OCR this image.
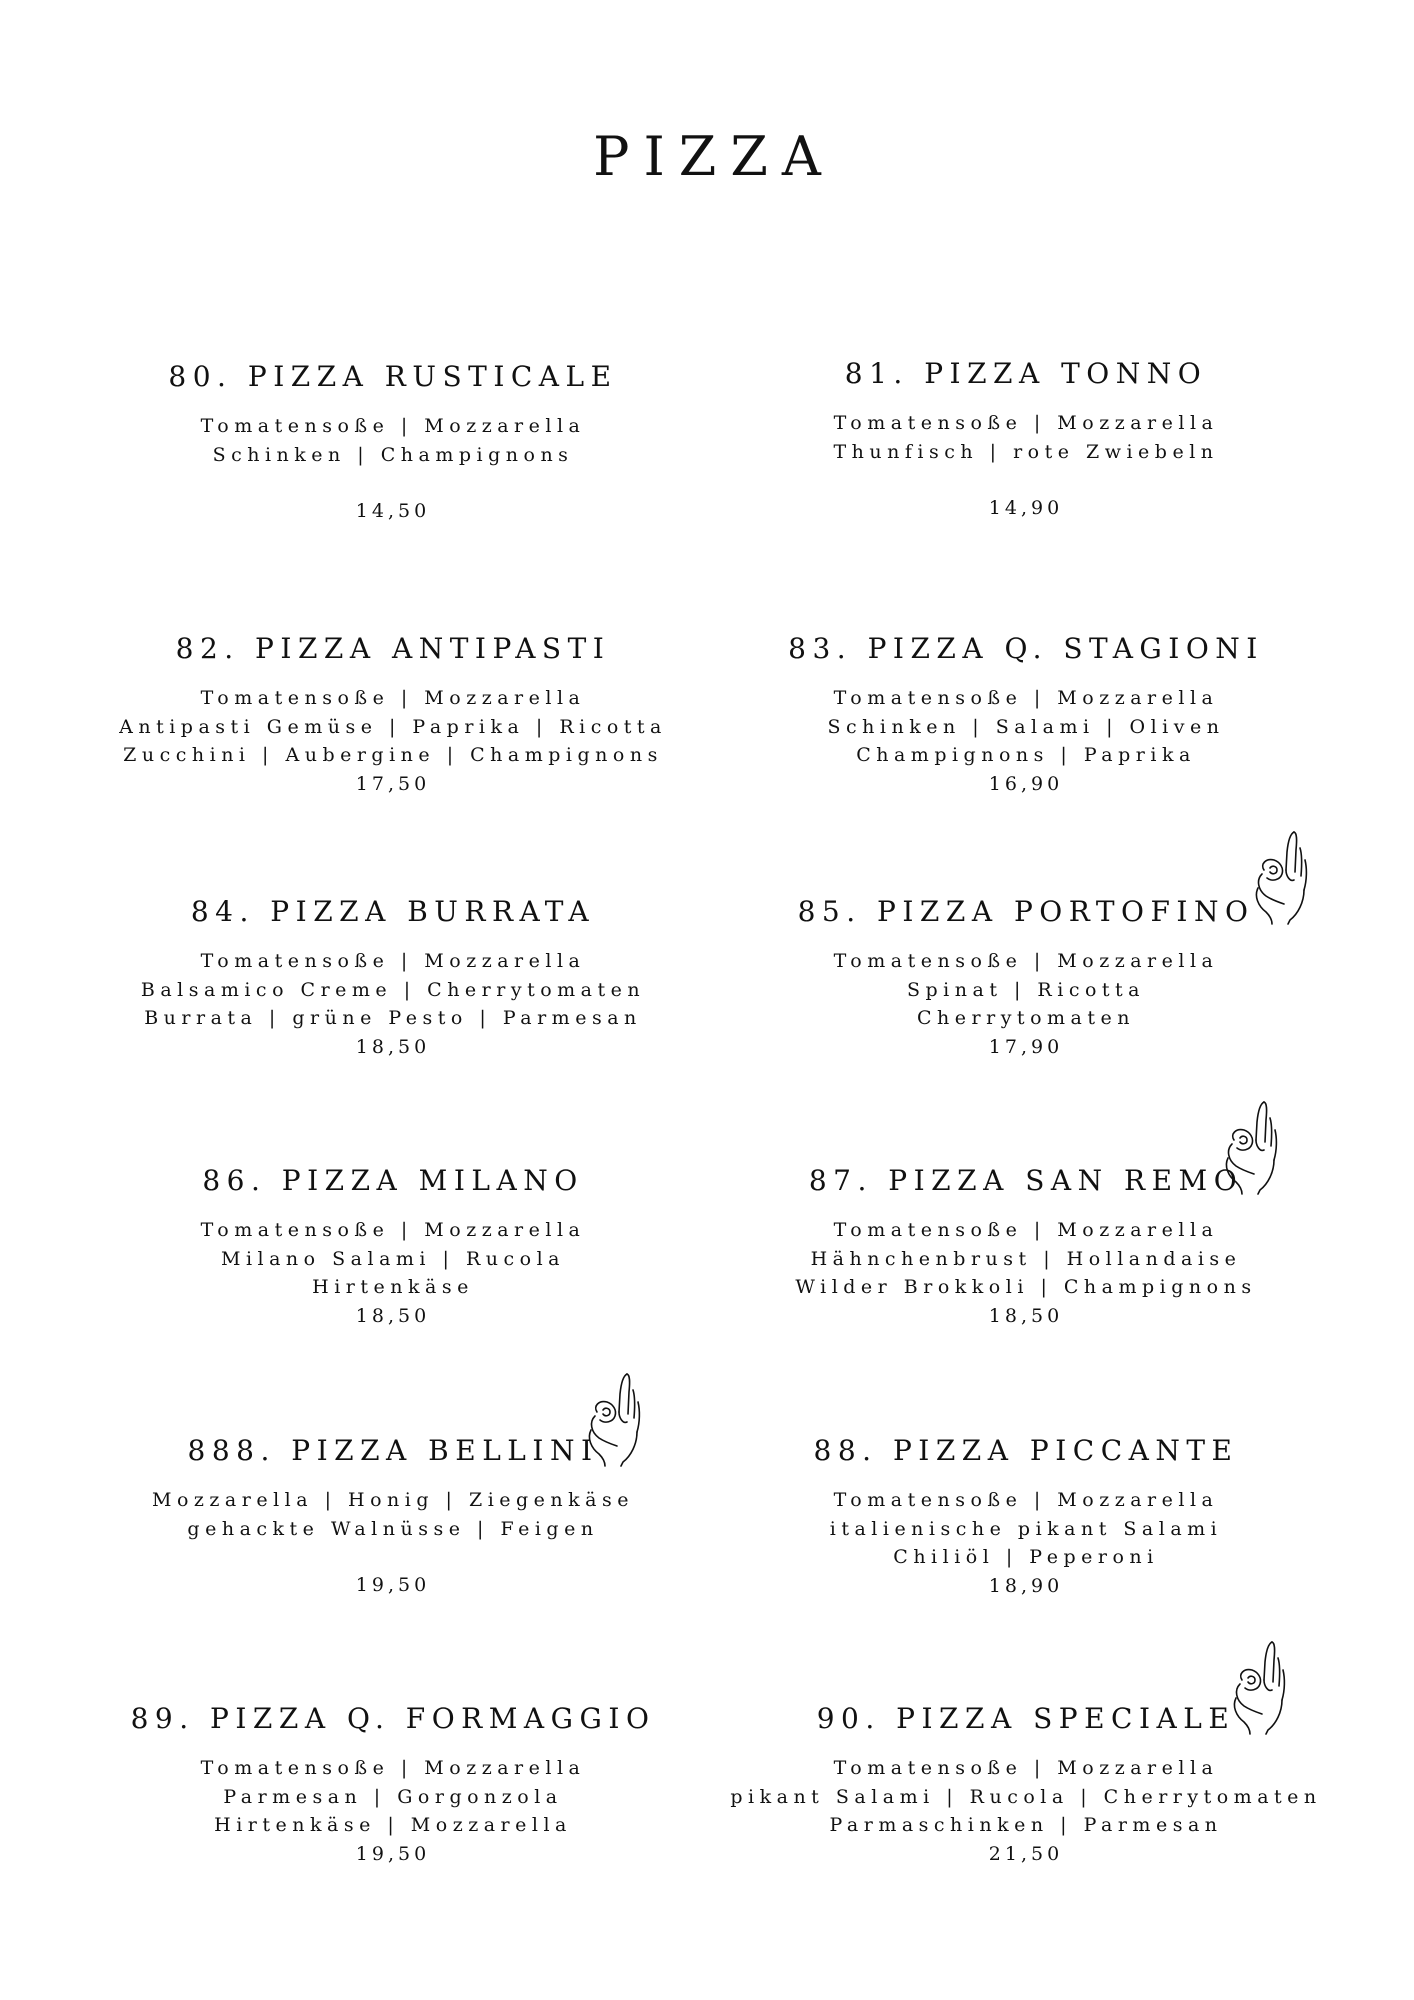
PIZZA
80. PIZZA RUSTICALE
Tomatensoße | Mozzarella
Schinken | Champignons
14,50
81. PIZZA TONNO
Tomatensoße | Mozzarella
Thunfisch | rote Zwiebeln
14,90
82. PIZZA ANTIPASTI
Tomatensoße | Mozzarella
Antipasti Gemüse | Paprika | Ricotta
Zucchini | Aubergine | Champignons
17,50
83. PIZZA Q. STAGIONI
Tomatensoße | Mozzarella
Schinken | Salami | Oliven
Champignons | Paprika
16,90
84. PIZZA BURRATA
Tomatensoße | Mozzarella
Balsamico Creme | Cherrytomaten
Burrata | grüne Pesto | Parmesan
18,50
85. PIZZA PORTOFINO
Tomatensoße | Mozzarella
Spinat | Ricotta
Cherrytomaten
17,90
86. PIZZA MILANO
Tomatensoße | Mozzarella
Milano Salami | Rucola
Hirtenkäse
18,50
87. PIZZA SAN REMO
Tomatensoße | Mozzarella
Hähnchenbrust | Hollandaise
Wilder Brokkoli | Champignons
18,50
888. PIZZA BELLINI
Mozzarella | Honig | Ziegenkäse
gehackte Walnüsse | Feigen
19,50
88. PIZZA PICCANTE
Tomatensoße | Mozzarella
italienische pikant Salami
Chiliöl | Peperoni
18,90
89. PIZZA Q. FORMAGGIO
Tomatensoße | Mozzarella
Parmesan | Gorgonzola
Hirtenkäse | Mozzarella
19,50
90. PIZZA SPECIALE
Tomatensoße | Mozzarella
pikant Salami | Rucola | Cherrytomaten
Parmaschinken | Parmesan
21,50
